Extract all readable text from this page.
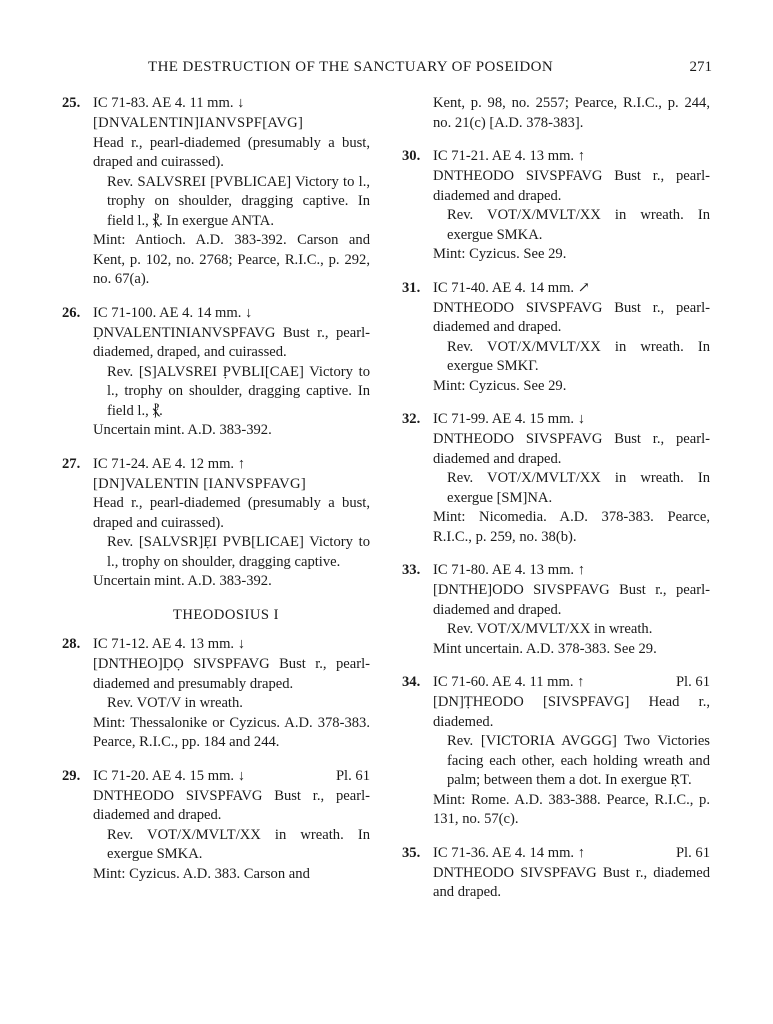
THE DESTRUCTION OF THE SANCTUARY OF POSEIDON	271
25. IC 71-83. AE 4. 11 mm. ↓
[DNVALENTIN]IANVSPF[AVG]
Head r., pearl-diademed (presumably a bust, draped and cuirassed).
Rev. SALVSREI [PVBLICAE] Victory to l., trophy on shoulder, dragging captive. In field l., ⳩. In exergue ANTA.
Mint: Antioch. A.D. 383-392. Carson and Kent, p. 102, no. 2768; Pearce, R.I.C., p. 292, no. 67(a).
26. IC 71-100. AE 4. 14 mm. ↓
ḌNVALENTINIANVSPFAVG Bust r., pearl-diademed, draped, and cuirassed.
Rev. [S]ALVSREI P̣VBLI[CAE] Victory to l., trophy on shoulder, dragging captive. In field l., ⳩.
Uncertain mint. A.D. 383-392.
27. IC 71-24. AE 4. 12 mm. ↑
[DN]VALENTIN [IANVSPFAVG]
Head r., pearl-diademed (presumably a bust, draped and cuirassed).
Rev. [SALVSR]ẸI PVB[LICAE] Victory to l., trophy on shoulder, dragging captive.
Uncertain mint. A.D. 383-392.
THEODOSIUS I
28. IC 71-12. AE 4. 13 mm. ↓
[DNTHEO]ḌỌ SIVSPFAVG Bust r., pearl-diademed and presumably draped.
Rev. VOT/V in wreath.
Mint: Thessalonike or Cyzicus. A.D. 378-383. Pearce, R.I.C., pp. 184 and 244.
29. IC 71-20. AE 4. 15 mm. ↓	Pl. 61
DNTHEODO SIVSPFAVG Bust r., pearl-diademed and draped.
Rev. VOT/X/MVLT/XX in wreath. In exergue SMKA.
Mint: Cyzicus. A.D. 383. Carson and
Kent, p. 98, no. 2557; Pearce, R.I.C., p. 244, no. 21(c) [A.D. 378-383].
30. IC 71-21. AE 4. 13 mm. ↑
DNTHEODO SIVSPFAVG Bust r., pearl-diademed and draped.
Rev. VOT/X/MVLT/XX in wreath. In exergue SMKA.
Mint: Cyzicus. See 29.
31. IC 71-40. AE 4. 14 mm. ↗
DNTHEODO SIVSPFAVG Bust r., pearl-diademed and draped.
Rev. VOT/X/MVLT/XX in wreath. In exergue SMKΓ.
Mint: Cyzicus. See 29.
32. IC 71-99. AE 4. 15 mm. ↓
DNTHEODO SIVSPFAVG Bust r., pearl-diademed and draped.
Rev. VOT/X/MVLT/XX in wreath. In exergue [SM]NA.
Mint: Nicomedia. A.D. 378-383. Pearce, R.I.C., p. 259, no. 38(b).
33. IC 71-80. AE 4. 13 mm. ↑
[DNTHE]ODO SIVSPFAVG Bust r., pearl-diademed and draped.
Rev. VOT/X/MVLT/XX in wreath.
Mint uncertain. A.D. 378-383. See 29.
34. IC 71-60. AE 4. 11 mm. ↑	Pl. 61
[DN]ṬHEODO [SIVSPFAVG] Head r., diademed.
Rev. [VICTORIA AVGGG] Two Victories facing each other, each holding wreath and palm; between them a dot. In exergue ṚT.
Mint: Rome. A.D. 383-388. Pearce, R.I.C., p. 131, no. 57(c).
35. IC 71-36. AE 4. 14 mm. ↑	Pl. 61
DNTHEODO SIVSPFAVG Bust r., diademed and draped.
